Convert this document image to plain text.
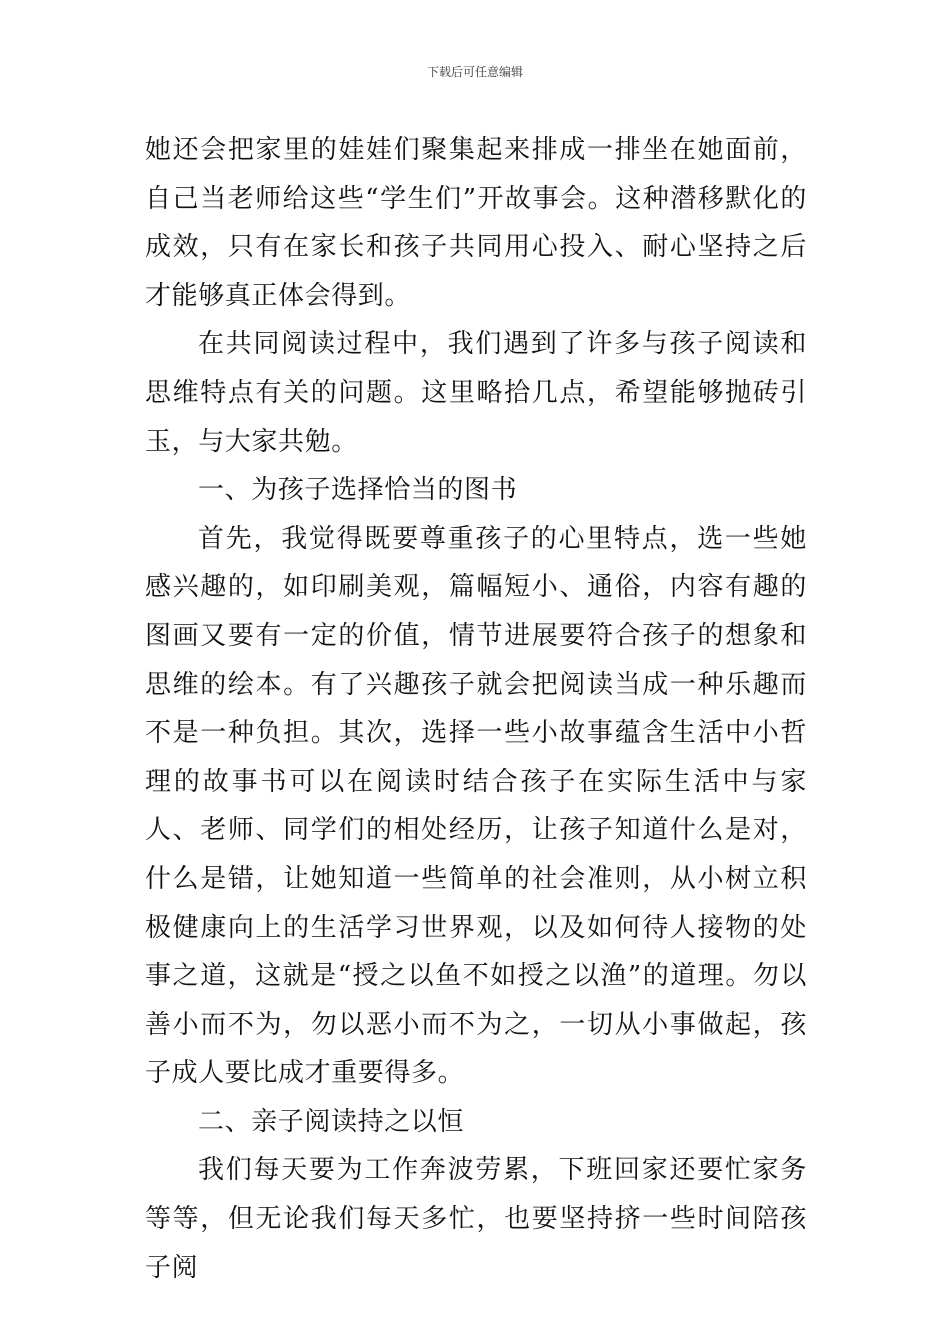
下载后可任意编辑

她还会把家里的娃娃们聚集起来排成一排坐在她面前，自己当老师给这些“学生们”开故事会。这种潜移默化的成效，只有在家长和孩子共同用心投入、耐心坚持之后才能够真正体会得到。

在共同阅读过程中，我们遇到了许多与孩子阅读和思维特点有关的问题。这里略拾几点，希望能够抛砖引玉，与大家共勉。

一、为孩子选择恰当的图书

首先，我觉得既要尊重孩子的心里特点，选一些她感兴趣的，如印刷美观，篇幅短小、通俗，内容有趣的图画又要有一定的价值，情节进展要符合孩子的想象和思维的绘本。有了兴趣孩子就会把阅读当成一种乐趣而不是一种负担。其次，选择一些小故事蕴含生活中小哲理的故事书可以在阅读时结合孩子在实际生活中与家人、老师、同学们的相处经历，让孩子知道什么是对，什么是错，让她知道一些简单的社会准则，从小树立积极健康向上的生活学习世界观，以及如何待人接物的处事之道，这就是“授之以鱼不如授之以渔”的道理。勿以善小而不为，勿以恶小而不为之，一切从小事做起，孩子成人要比成才重要得多。

二、亲子阅读持之以恒

我们每天要为工作奔波劳累，下班回家还要忙家务等等，但无论我们每天多忙，也要坚持挤一些时间陪孩子阅
